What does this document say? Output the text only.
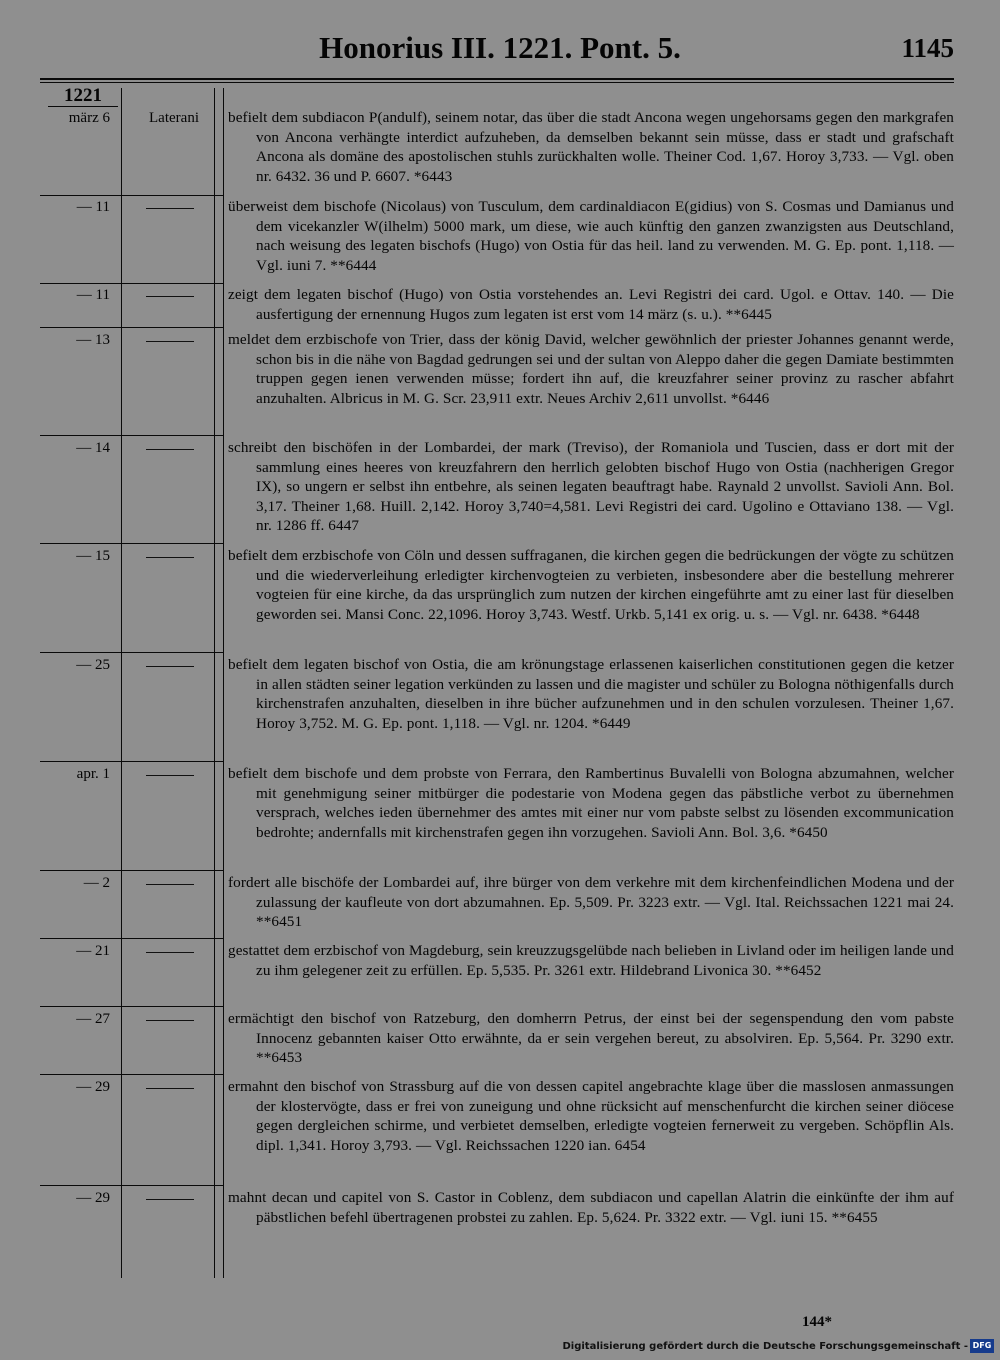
Honorius III. 1221. Pont. 5.	1145
1221
märz 6	Laterani	befielt dem subdiacon P(andulf), seinem notar, das über die stadt Ancona wegen ungehorsams gegen den markgrafen von Ancona verhängte interdict aufzuheben, da demselben bekannt sein müsse, dass er stadt und grafschaft Ancona als domäne des apostolischen stuhls zurückhalten wolle. Theiner Cod. 1,67. Horoy 3,733. — Vgl. oben nr. 6432. 36 und P. 6607. *6443
— 11	überweist dem bischofe (Nicolaus) von Tusculum, dem cardinaldiacon E(gidius) von S. Cosmas und Damianus und dem vicekanzler W(ilhelm) 5000 mark, um diese, wie auch künftig den ganzen zwanzigsten aus Deutschland, nach weisung des legaten bischofs (Hugo) von Ostia für das heil. land zu verwenden. M. G. Ep. pont. 1,118. — Vgl. iuni 7. **6444
— 11	zeigt dem legaten bischof (Hugo) von Ostia vorstehendes an. Levi Registri dei card. Ugol. e Ottav. 140. — Die ausfertigung der ernennung Hugos zum legaten ist erst vom 14 märz (s. u.). **6445
— 13	meldet dem erzbischofe von Trier, dass der könig David, welcher gewöhnlich der priester Johannes genannt werde, schon bis in die nähe von Bagdad gedrungen sei und der sultan von Aleppo daher die gegen Damiate bestimmten truppen gegen ienen verwenden müsse; fordert ihn auf, die kreuzfahrer seiner provinz zu rascher abfahrt anzuhalten. Albricus in M. G. Scr. 23,911 extr. Neues Archiv 2,611 unvollst. *6446
— 14	schreibt den bischöfen in der Lombardei, der mark (Treviso), der Romaniola und Tuscien, dass er dort mit der sammlung eines heeres von kreuzfahrern den herrlich gelobten bischof Hugo von Ostia (nachherigen Gregor IX), so ungern er selbst ihn entbehre, als seinen legaten beauftragt habe. Raynald 2 unvollst. Savioli Ann. Bol. 3,17. Theiner 1,68. Huill. 2,142. Horoy 3,740=4,581. Levi Registri dei card. Ugolino e Ottaviano 138. — Vgl. nr. 1286 ff. 6447
— 15	befielt dem erzbischofe von Cöln und dessen suffraganen, die kirchen gegen die bedrückungen der vögte zu schützen und die wiederverleihung erledigter kirchenvogteien zu verbieten, insbesondere aber die bestellung mehrerer vogteien für eine kirche, da das ursprünglich zum nutzen der kirchen eingeführte amt zu einer last für dieselben geworden sei. Mansi Conc. 22,1096. Horoy 3,743. Westf. Urkb. 5,141 ex orig. u. s. — Vgl. nr. 6438. *6448
— 25	befielt dem legaten bischof von Ostia, die am krönungstage erlassenen kaiserlichen constitutionen gegen die ketzer in allen städten seiner legation verkünden zu lassen und die magister und schüler zu Bologna nöthigenfalls durch kirchenstrafen anzuhalten, dieselben in ihre bücher aufzunehmen und in den schulen vorzulesen. Theiner 1,67. Horoy 3,752. M. G. Ep. pont. 1,118. — Vgl. nr. 1204. *6449
apr. 1	befielt dem bischofe und dem probste von Ferrara, den Rambertinus Buvalelli von Bologna abzumahnen, welcher mit genehmigung seiner mitbürger die podestarie von Modena gegen das päbstliche verbot zu übernehmen versprach, welches ieden übernehmer des amtes mit einer nur vom pabste selbst zu lösenden excommunication bedrohte; andernfalls mit kirchenstrafen gegen ihn vorzugehen. Savioli Ann. Bol. 3,6. *6450
— 2	fordert alle bischöfe der Lombardei auf, ihre bürger von dem verkehre mit dem kirchenfeindlichen Modena und der zulassung der kaufleute von dort abzumahnen. Ep. 5,509. Pr. 3223 extr. — Vgl. Ital. Reichssachen 1221 mai 24. **6451
— 21	gestattet dem erzbischof von Magdeburg, sein kreuzzugsgelübde nach belieben in Livland oder im heiligen lande und zu ihm gelegener zeit zu erfüllen. Ep. 5,535. Pr. 3261 extr. Hildebrand Livonica 30. **6452
— 27	ermächtigt den bischof von Ratzeburg, den domherrn Petrus, der einst bei der segenspendung den vom pabste Innocenz gebannten kaiser Otto erwähnte, da er sein vergehen bereut, zu absolviren. Ep. 5,564. Pr. 3290 extr. **6453
— 29	ermahnt den bischof von Strassburg auf die von dessen capitel angebrachte klage über die masslosen anmassungen der klostervögte, dass er frei von zuneigung und ohne rücksicht auf menschenfurcht die kirchen seiner diöcese gegen dergleichen schirme, und verbietet demselben, erledigte vogteien fernerweit zu vergeben. Schöpflin Als. dipl. 1,341. Horoy 3,793. — Vgl. Reichssachen 1220 ian. 6454
— 29	mahnt decan und capitel von S. Castor in Coblenz, dem subdiacon und capellan Alatrin die einkünfte der ihm auf päbstlichen befehl übertragenen probstei zu zahlen. Ep. 5,624. Pr. 3322 extr. — Vgl. iuni 15. **6455
144*
Digitalisierung gefördert durch die Deutsche Forschungsgemeinschaft - DFG
